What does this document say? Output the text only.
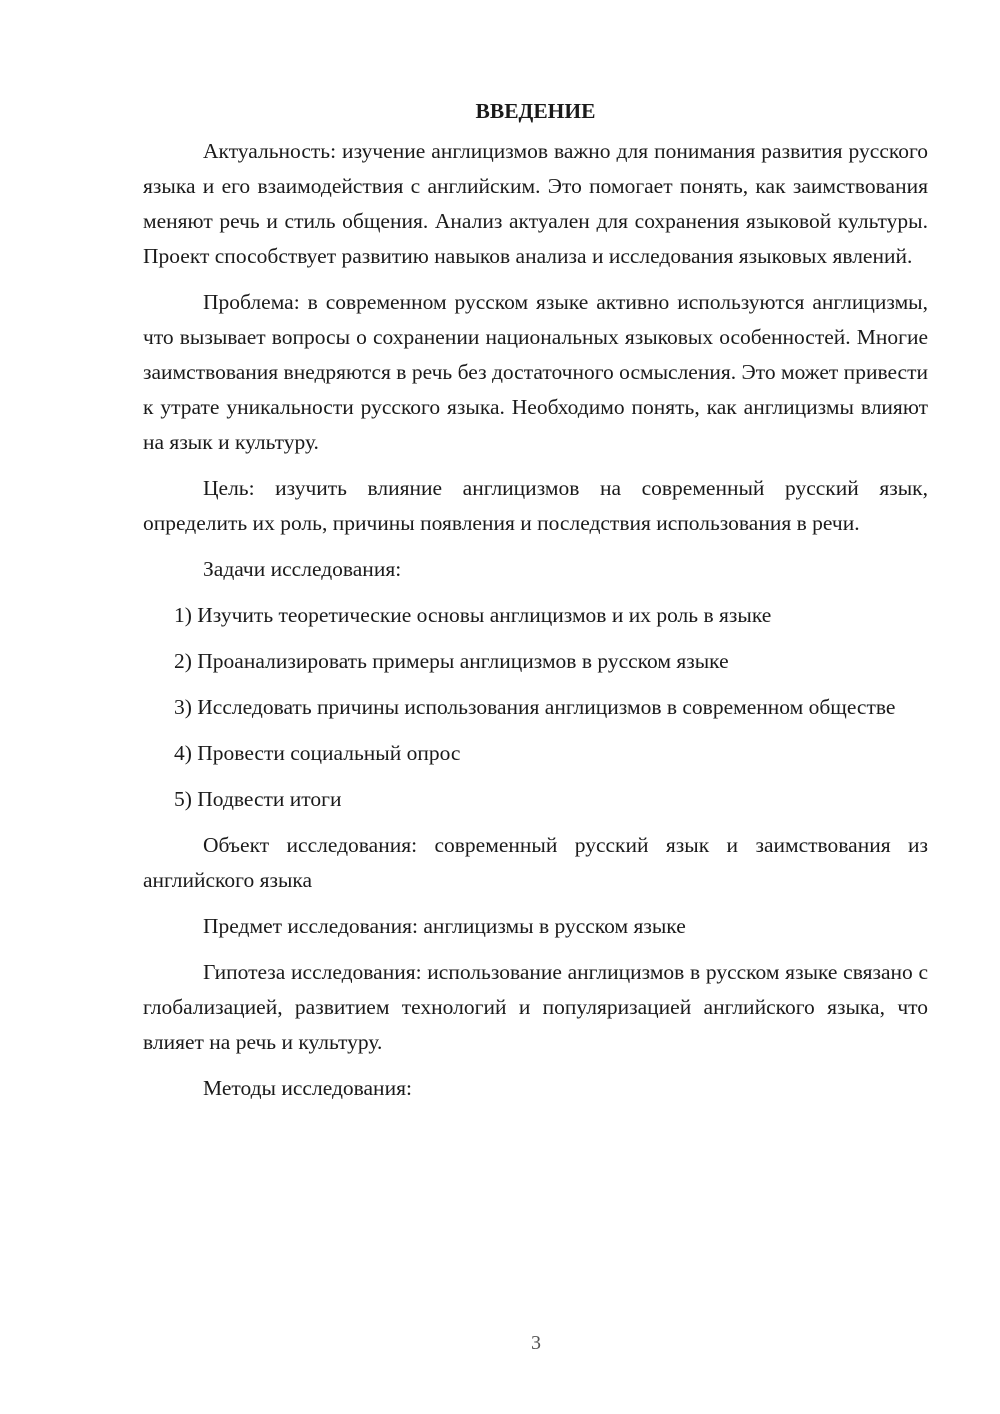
ВВЕДЕНИЕ

Актуальность: изучение англицизмов важно для понимания развития русского языка и его взаимодействия с английским. Это помогает понять, как заимствования меняют речь и стиль общения. Анализ актуален для сохранения языковой культуры. Проект способствует развитию навыков анализа и исследования языковых явлений.

Проблема: в современном русском языке активно используются англицизмы, что вызывает вопросы о сохранении национальных языковых особенностей. Многие заимствования внедряются в речь без достаточного осмысления. Это может привести к утрате уникальности русского языка. Необходимо понять, как англицизмы влияют на язык и культуру.

Цель: изучить влияние англицизмов на современный русский язык, определить их роль, причины появления и последствия использования в речи.

Задачи исследования:

1) Изучить теоретические основы англицизмов и их роль в языке

2) Проанализировать примеры англицизмов в русском языке

3) Исследовать причины использования англицизмов в современном обществе

4) Провести социальный опрос

5) Подвести итоги

Объект исследования: современный русский язык и заимствования из английского языка

Предмет исследования: англицизмы в русском языке

Гипотеза исследования: использование англицизмов в русском языке связано с глобализацией, развитием технологий и популяризацией английского языка, что влияет на речь и культуру.

Методы исследования:

3
